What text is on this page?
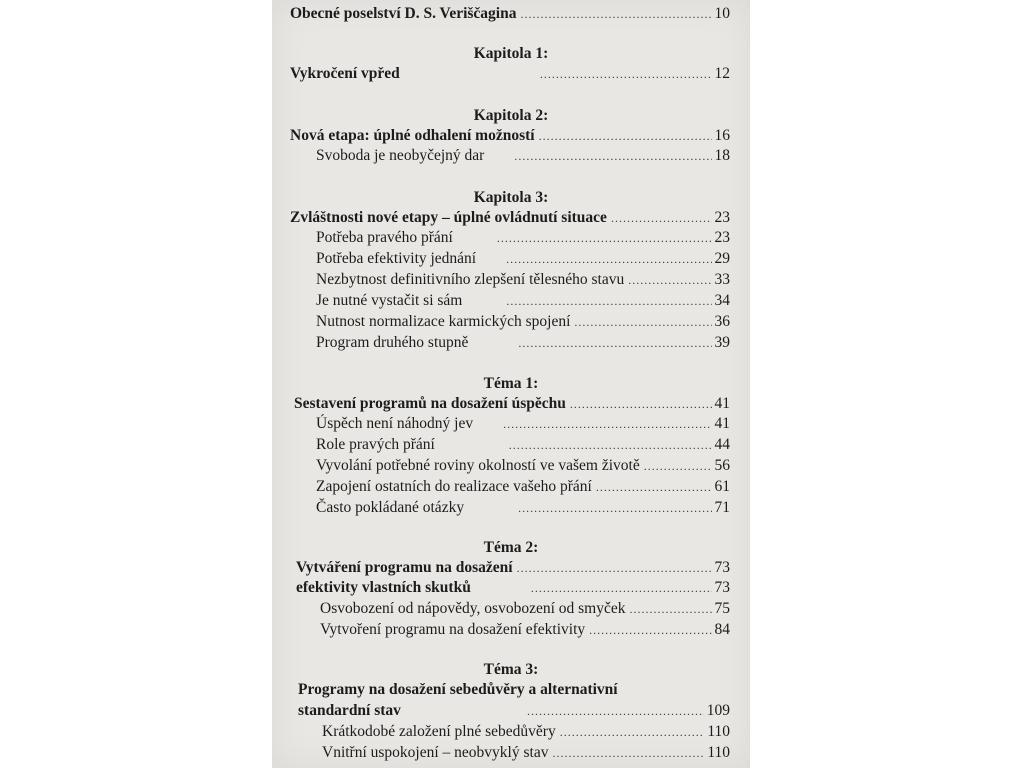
Obecné poselství D. S. Veriščagina .....	10
Kapitola 1:
Vykročení vpřed .....	12
Kapitola 2:
Nová etapa: úplné odhalení možností .....	16
Svoboda je neobyčejný dar .....	18
Kapitola 3:
Zvláštnosti nové etapy – úplné ovládnutí situace .....	23
Potřeba pravého přání .....	23
Potřeba efektivity jednání .....	29
Nezbytnost definitivního zlepšení tělesného stavu .....	33
Je nutné vystačit si sám .....	34
Nutnost normalizace karmických spojení .....	36
Program druhého stupně .....	39
Téma 1:
Sestavení programů na dosažení úspěchu .....	41
Úspěch není náhodný jev .....	41
Role pravých přání .....	44
Vyvolání potřebné roviny okolností ve vašem životě .....	56
Zapojení ostatních do realizace vašeho přání .....	61
Často pokládané otázky .....	71
Téma 2:
Vytváření programu na dosažení .....	73
efektivity vlastních skutků .....	73
Osvobození od nápovědy, osvobození od smyček .....	75
Vytvoření programu na dosažení efektivity .....	84
Téma 3:
Programy na dosažení sebedůvěry a alternativní
standardní stav .....	109
Krátkodobé založení plné sebedůvěry .....	110
Vnitřní uspokojení – neobvyklý stav .....	110
